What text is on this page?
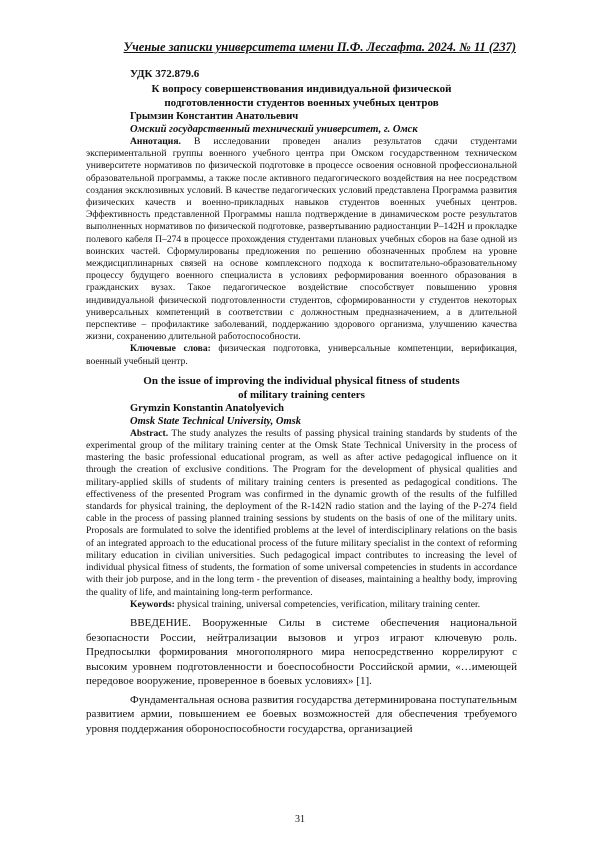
Ученые записки университета имени П.Ф. Лесгафта. 2024. № 11 (237)

УДК 372.879.6

К вопросу совершенствования индивидуальной физической
подготовленности студентов военных учебных центров

Грымзин Константин Анатольевич

Омский государственный технический университет, г. Омск

Аннотация. В исследовании проведен анализ результатов сдачи студентами экспериментальной группы военного учебного центра при Омском государственном техническом университете нормативов по физической подготовке в процессе освоения основной профессиональной образовательной программы, а также после активного педагогического воздействия на нее посредством создания эксклюзивных условий. В качестве педагогических условий представлена Программа развития физических качеств и военно-прикладных навыков студентов военных учебных центров. Эффективность представленной Программы нашла подтверждение в динамическом росте результатов выполненных нормативов по физической подготовке, развертыванию радиостанции Р–142Н и прокладке полевого кабеля П–274 в процессе прохождения студентами плановых учебных сборов на базе одной из воинских частей. Сформулированы предложения по решению обозначенных проблем на уровне междисциплинарных связей на основе комплексного подхода к воспитательно-образовательному процессу будущего военного специалиста в условиях реформирования военного образования в гражданских вузах. Такое педагогическое воздействие способствует повышению уровня индивидуальной физической подготовленности студентов, сформированности у студентов некоторых универсальных компетенций в соответствии с должностным предназначением, а в длительной перспективе – профилактике заболеваний, поддержанию здорового организма, улучшению качества жизни, сохранению длительной работоспособности.

Ключевые слова: физическая подготовка, универсальные компетенции, верификация, военный учебный центр.

On the issue of improving the individual physical fitness of students
of military training centers

Grymzin Konstantin Anatolyevich

Omsk State Technical University, Omsk

Abstract. The study analyzes the results of passing physical training standards by students of the experimental group of the military training center at the Omsk State Technical University in the process of mastering the basic professional educational program, as well as after active pedagogical influence on it through the creation of exclusive conditions. The Program for the development of physical qualities and military-applied skills of students of military training centers is presented as pedagogical conditions. The effectiveness of the presented Program was confirmed in the dynamic growth of the results of the fulfilled standards for physical training, the deployment of the R-142N radio station and the laying of the P-274 field cable in the process of passing planned training sessions by students on the basis of one of the military units. Proposals are formulated to solve the identified problems at the level of interdisciplinary relations on the basis of an integrated approach to the educational process of the future military specialist in the context of reforming military education in civilian universities. Such pedagogical impact contributes to increasing the level of individual physical fitness of students, the formation of some universal competencies in students in accordance with their job purpose, and in the long term - the prevention of diseases, maintaining a healthy body, improving the quality of life, and maintaining long-term performance.

Keywords: physical training, universal competencies, verification, military training center.

ВВЕДЕНИЕ. Вооруженные Силы в системе обеспечения национальной безопасности России, нейтрализации вызовов и угроз играют ключевую роль. Предпосылки формирования многополярного мира непосредственно коррелируют с высоким уровнем подготовленности и боеспособности Российской армии, «…имеющей передовое вооружение, проверенное в боевых условиях» [1].

Фундаментальная основа развития государства детерминирована поступательным развитием армии, повышением ее боевых возможностей для обеспечения требуемого уровня поддержания обороноспособности государства, организацией

31
